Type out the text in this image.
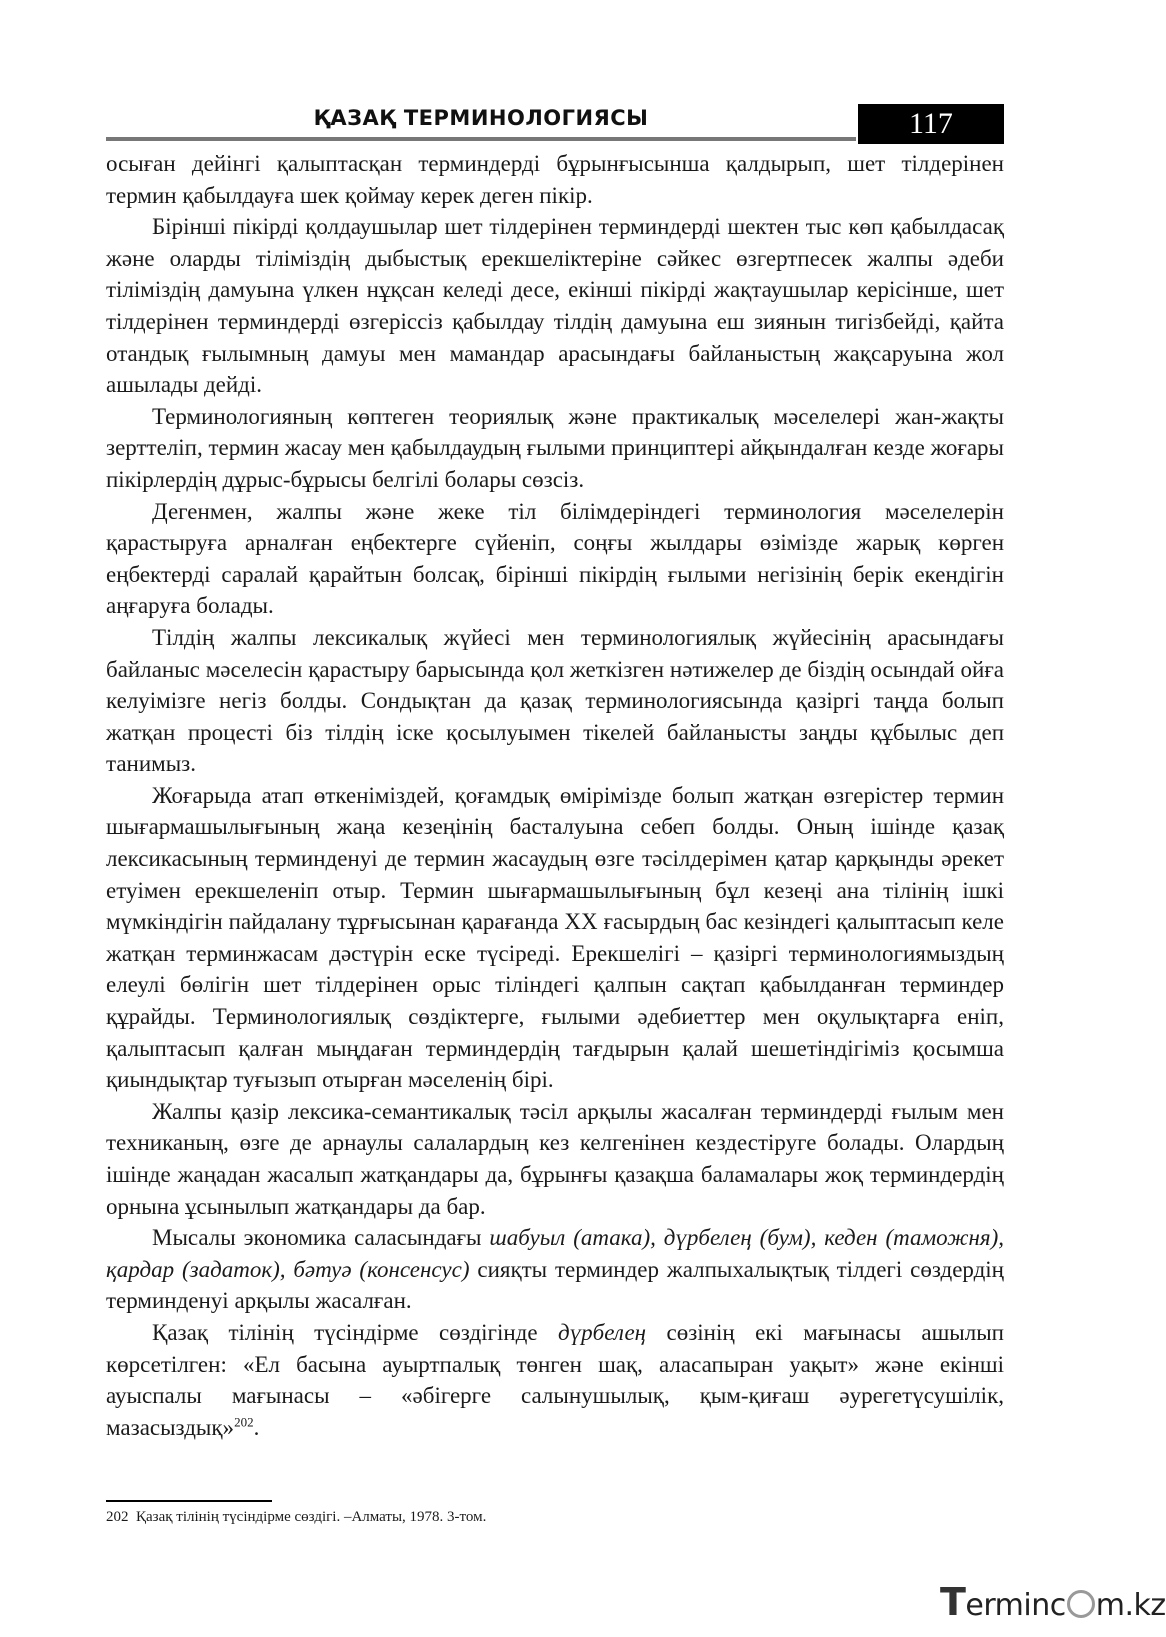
ҚАЗАҚ ТЕРМИНОЛОГИЯСЫ	117

осыған дейінгі қалыптасқан терминдерді бұрынғысынша қалдырып, шет тілдерінен термин қабылдауға шек қоймау керек деген пікір.

Бірінші пікірді қолдаушылар шет тілдерінен терминдерді шектен тыс көп қабылдасақ және оларды тіліміздің дыбыстық ерекшеліктеріне сәйкес өзгертпесек жалпы әдеби тіліміздің дамуына үлкен нұқсан келеді десе, екінші пікірді жақтаушылар керісінше, шет тілдерінен терминдерді өзгеріссіз қабылдау тілдің дамуына еш зиянын тигізбейді, қайта отандық ғылымның дамуы мен мамандар арасындағы байланыстың жақсаруына жол ашылады дейді.

Терминологияның көптеген теориялық және практикалық мәселелері жан-жақты зерттеліп, термин жасау мен қабылдаудың ғылыми принциптері айқындалған кезде жоғары пікірлердің дұрыс-бұрысы белгілі болары сөзсіз.

Дегенмен, жалпы және жеке тіл білімдеріндегі терминология мәселелерін қарастыруға арналған еңбектерге сүйеніп, соңғы жылдары өзімізде жарық көрген еңбектерді саралай қарайтын болсақ, бірінші пікірдің ғылыми негізінің берік екендігін аңғаруға болады.

Тілдің жалпы лексикалық жүйесі мен терминологиялық жүйесінің арасындағы байланыс мәселесін қарастыру барысында қол жеткізген нәтижелер де біздің осындай ойға келуімізге негіз болды. Сондықтан да қазақ терминологиясында қазіргі таңда болып жатқан процесті біз тілдің іске қосылуымен тікелей байланысты заңды құбылыс деп танимыз.

Жоғарыда атап өткеніміздей, қоғамдық өмірімізде болып жатқан өзгерістер термин шығармашылығының жаңа кезеңінің басталуына себеп болды. Оның ішінде қазақ лексикасының терминденуі де термин жасаудың өзге тәсілдерімен қатар қарқынды әрекет етуімен ерекшеленіп отыр. Термин шығармашылығының бұл кезеңі ана тілінің ішкі мүмкіндігін пайдалану тұрғысынан қарағанда XX ғасырдың бас кезіндегі қалыптасып келе жатқан терминжасам дәстүрін еске түсіреді. Ерекшелігі – қазіргі терминологиямыздың елеулі бөлігін шет тілдерінен орыс тіліндегі қалпын сақтап қабылданған терминдер құрайды. Терминологиялық сөздіктерге, ғылыми әдебиеттер мен оқулықтарға еніп, қалыптасып қалған мыңдаған терминдердің тағдырын қалай шешетіндігіміз қосымша қиындықтар туғызып отырған мәселенің бірі.

Жалпы қазір лексика-семантикалық тәсіл арқылы жасалған терминдерді ғылым мен техниканың, өзге де арнаулы салалардың кез келгенінен кездестіруге болады. Олардың ішінде жаңадан жасалып жатқандары да, бұрынғы қазақша баламалары жоқ терминдердің орнына ұсынылып жатқандары да бар.

Мысалы экономика саласындағы шабуыл (атака), дүрбелең (бум), кеден (таможня), қардар (задаток), бәтуә (консенсус) сияқты терминдер жалпыхалықтық тілдегі сөздердің терминденуі арқылы жасалған.

Қазақ тілінің түсіндірме сөздігінде дүрбелең сөзінің екі мағынасы ашылып көрсетілген: «Ел басына ауыртпалық төнген шақ, аласапыран уақыт» және екінші ауыспалы мағынасы – «әбігерге салынушылық, қым-қиғаш әурегетүсушілік, мазасыздық»$^{202}$.

202 Қазақ тілінің түсіндірме сөздігі. –Алматы, 1978. 3-том.
Terminc m.kz
